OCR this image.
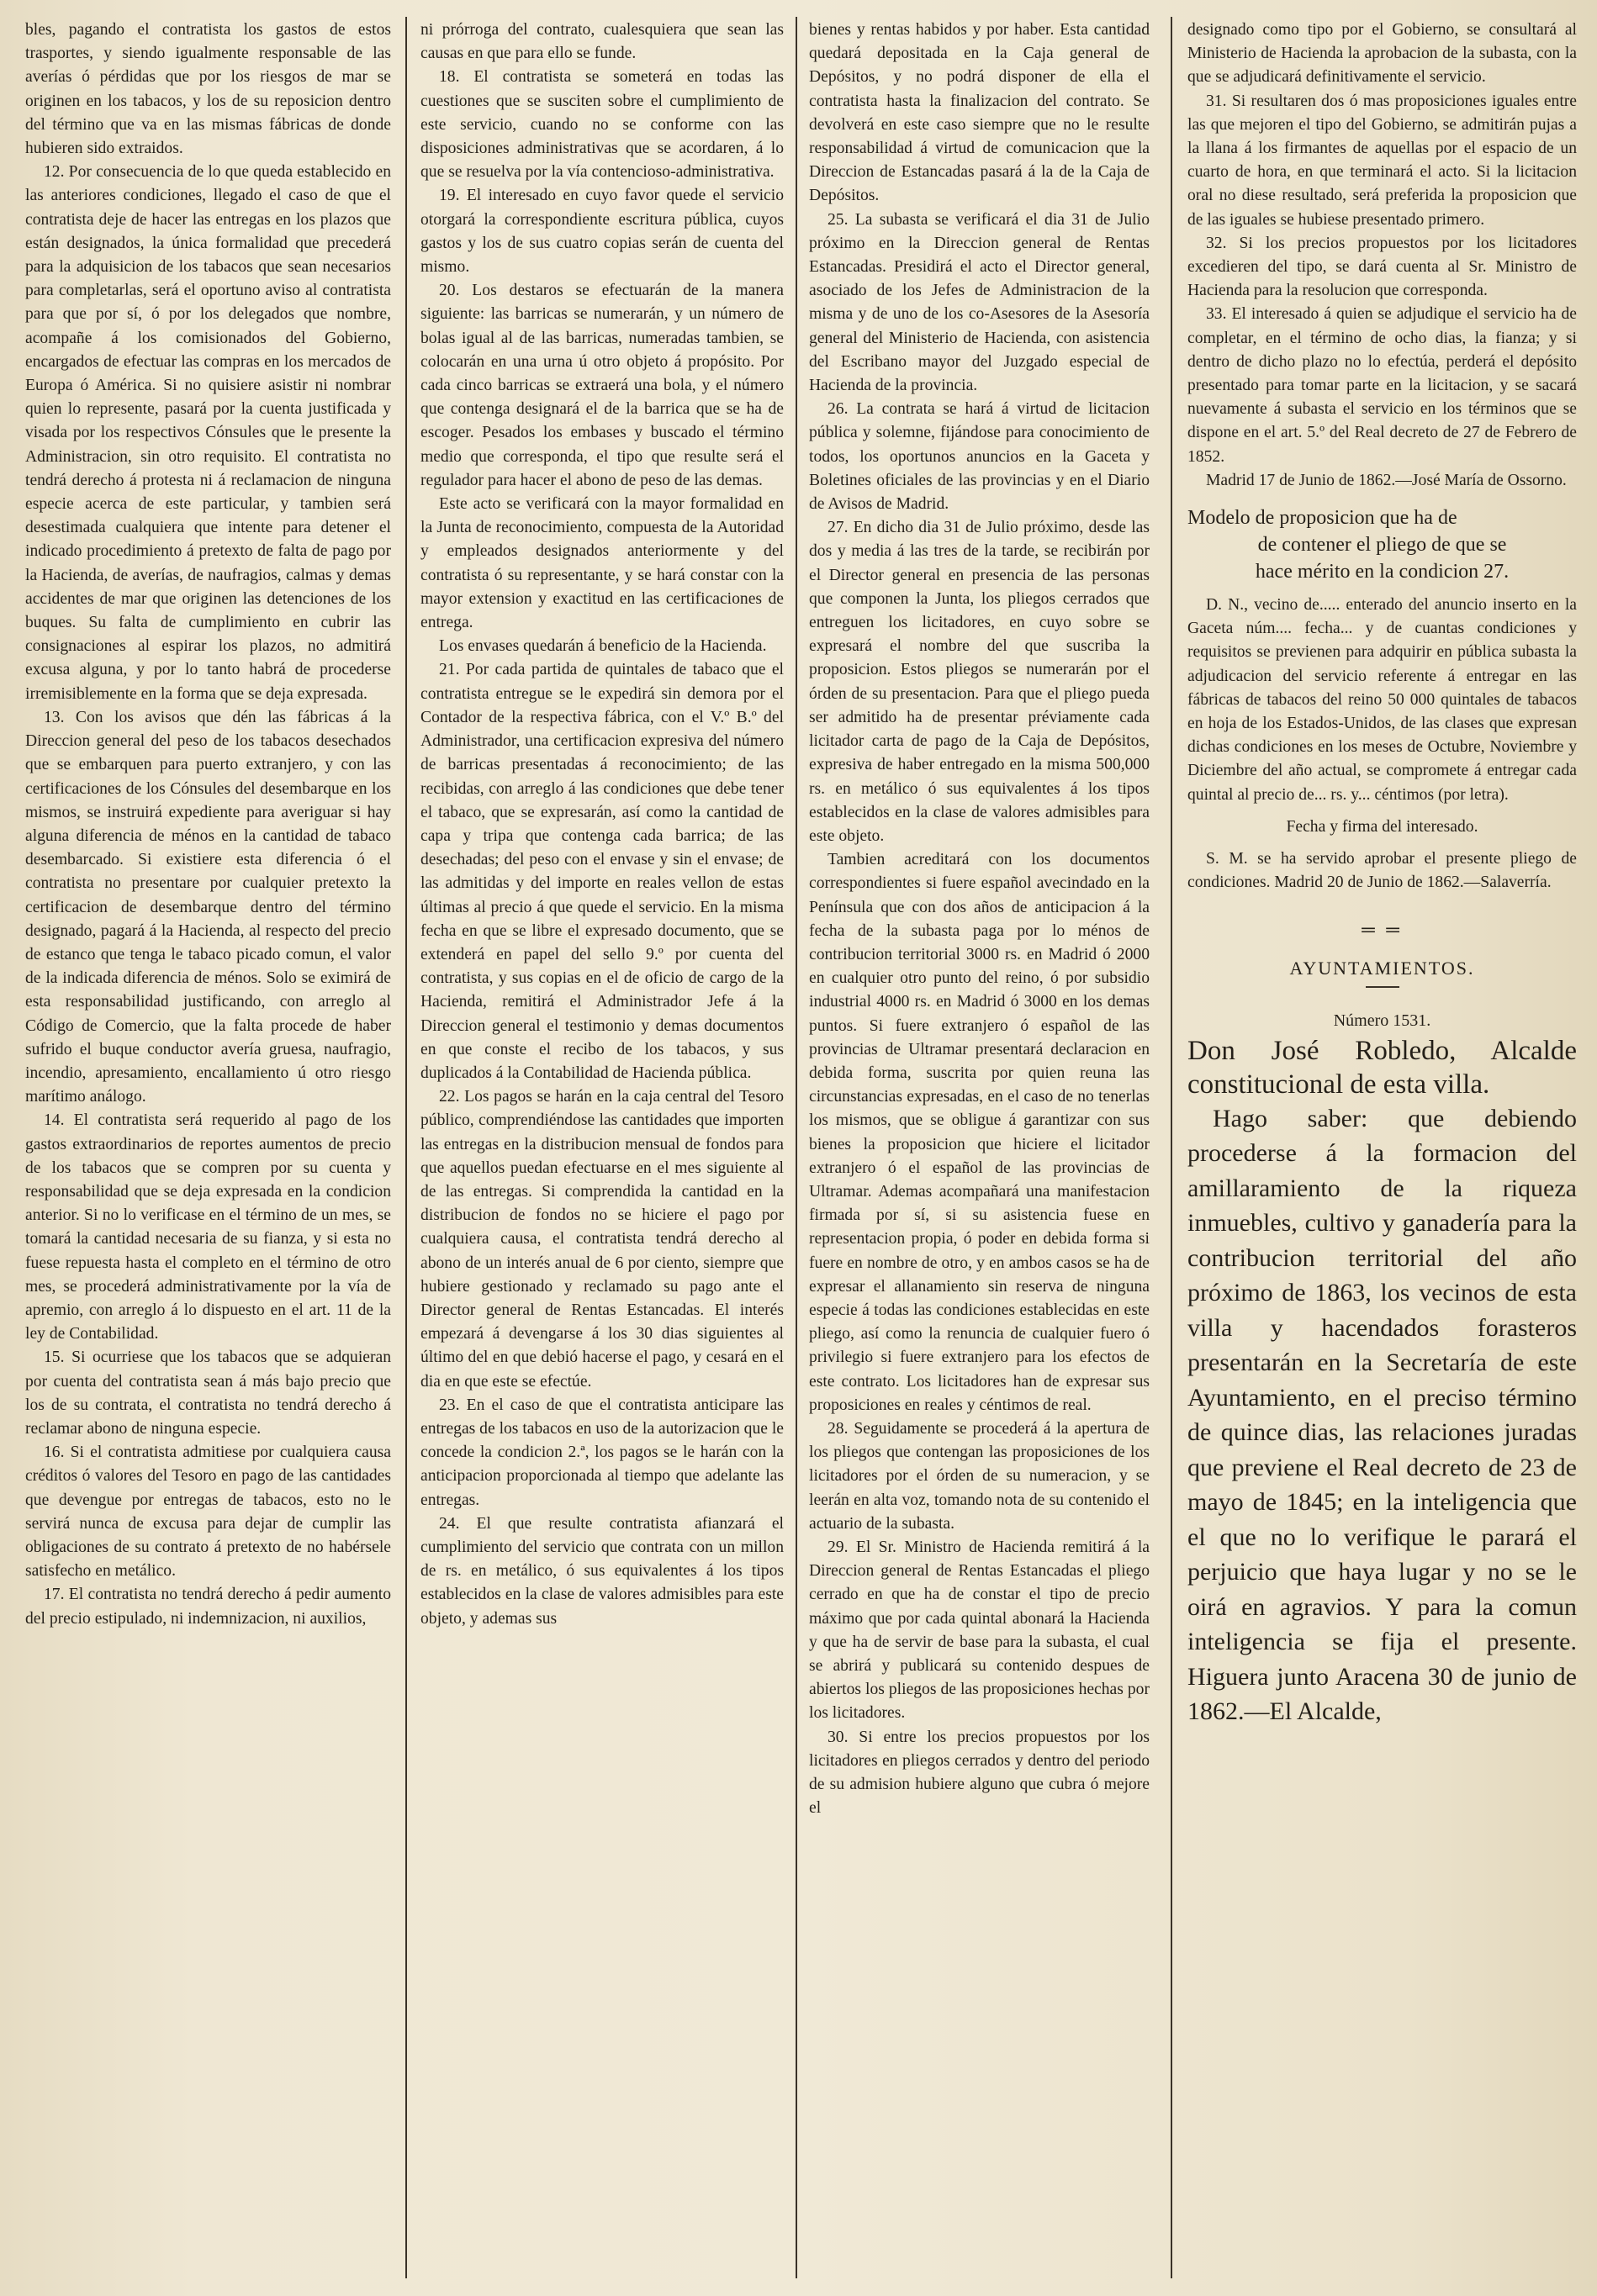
bles, pagando el contratista los gastos de estos trasportes, y siendo igualmente responsable de las averías ó pérdidas que por los riesgos de mar se originen en los tabacos, y los de su reposicion dentro del término que va en las mismas fábricas de donde hubieren sido extraidos.

12. Por consecuencia de lo que queda establecido en las anteriores condiciones, llegado el caso de que el contratista deje de hacer las entregas en los plazos que están designados, la única formalidad que precederá para la adquisicion de los tabacos que sean necesarios para completarlas, será el oportuno aviso al contratista para que por sí, ó por los delegados que nombre, acompañe á los comisionados del Gobierno, encargados de efectuar las compras en los mercados de Europa ó América. Si no quisiere asistir ni nombrar quien lo represente, pasará por la cuenta justificada y visada por los respectivos Cónsules que le presente la Administracion, sin otro requisito. El contratista no tendrá derecho á protesta ni á reclamacion de ninguna especie acerca de este particular, y tambien será desestimada cualquiera que intente para detener el indicado procedimiento á pretexto de falta de pago por la Hacienda, de averías, de naufragios, calmas y demas accidentes de mar que originen las detenciones de los buques. Su falta de cumplimiento en cubrir las consignaciones al espirar los plazos, no admitirá excusa alguna, y por lo tanto habrá de procederse irremisiblemente en la forma que se deja expresada.

13. Con los avisos que dén las fábricas á la Direccion general del peso de los tabacos desechados que se embarquen para puerto extranjero, y con las certificaciones de los Cónsules del desembarque en los mismos, se instruirá expediente para averiguar si hay alguna diferencia de ménos en la cantidad de tabaco desembarcado. Si existiere esta diferencia ó el contratista no presentare por cualquier pretexto la certificacion de desembarque dentro del término designado, pagará á la Hacienda, al respecto del precio de estanco que tenga le tabaco picado comun, el valor de la indicada diferencia de ménos. Solo se eximirá de esta responsabilidad justificando, con arreglo al Código de Comercio, que la falta procede de haber sufrido el buque conductor avería gruesa, naufragio, incendio, apresamiento, encallamiento ú otro riesgo marítimo análogo.

14. El contratista será requerido al pago de los gastos extraordinarios de reportes aumentos de precio de los tabacos que se compren por su cuenta y responsabilidad que se deja expresada en la condicion anterior. Si no lo verificase en el término de un mes, se tomará la cantidad necesaria de su fianza, y si esta no fuese repuesta hasta el completo en el término de otro mes, se procederá administrativamente por la vía de apremio, con arreglo á lo dispuesto en el art. 11 de la ley de Contabilidad.

15. Si ocurriese que los tabacos que se adquieran por cuenta del contratista sean á más bajo precio que los de su contrata, el contratista no tendrá derecho á reclamar abono de ninguna especie.

16. Si el contratista admitiese por cualquiera causa créditos ó valores del Tesoro en pago de las cantidades que devengue por entregas de tabacos, esto no le servirá nunca de excusa para dejar de cumplir las obligaciones de su contrato á pretexto de no habérsele satisfecho en metálico.

17. El contratista no tendrá derecho á pedir aumento del precio estipulado, ni indemnizacion, ni auxilios,

ni prórroga del contrato, cualesquiera que sean las causas en que para ello se funde.

18. El contratista se someterá en todas las cuestiones que se susciten sobre el cumplimiento de este servicio, cuando no se conforme con las disposiciones administrativas que se acordaren, á lo que se resuelva por la vía contencioso-administrativa.

19. El interesado en cuyo favor quede el servicio otorgará la correspondiente escritura pública, cuyos gastos y los de sus cuatro copias serán de cuenta del mismo.

20. Los destaros se efectuarán de la manera siguiente: las barricas se numerarán, y un número de bolas igual al de las barricas, numeradas tambien, se colocarán en una urna ú otro objeto á propósito. Por cada cinco barricas se extraerá una bola, y el número que contenga designará el de la barrica que se ha de escoger. Pesados los embases y buscado el término medio que corresponda, el tipo que resulte será el regulador para hacer el abono de peso de las demas.

Este acto se verificará con la mayor formalidad en la Junta de reconocimiento, compuesta de la Autoridad y empleados designados anteriormente y del contratista ó su representante, y se hará constar con la mayor extension y exactitud en las certificaciones de entrega.

Los envases quedarán á beneficio de la Hacienda.

21. Por cada partida de quintales de tabaco que el contratista entregue se le expedirá sin demora por el Contador de la respectiva fábrica, con el V.º B.º del Administrador, una certificacion expresiva del número de barricas presentadas á reconocimiento; de las recibidas, con arreglo á las condiciones que debe tener el tabaco, que se expresarán, así como la cantidad de capa y tripa que contenga cada barrica; de las desechadas; del peso con el envase y sin el envase; de las admitidas y del importe en reales vellon de estas últimas al precio á que quede el servicio. En la misma fecha en que se libre el expresado documento, que se extenderá en papel del sello 9.º por cuenta del contratista, y sus copias en el de oficio de cargo de la Hacienda, remitirá el Administrador Jefe á la Direccion general el testimonio y demas documentos en que conste el recibo de los tabacos, y sus duplicados á la Contabilidad de Hacienda pública.

22. Los pagos se harán en la caja central del Tesoro público, comprendiéndose las cantidades que importen las entregas en la distribucion mensual de fondos para que aquellos puedan efectuarse en el mes siguiente al de las entregas. Si comprendida la cantidad en la distribucion de fondos no se hiciere el pago por cualquiera causa, el contratista tendrá derecho al abono de un interés anual de 6 por ciento, siempre que hubiere gestionado y reclamado su pago ante el Director general de Rentas Estancadas. El interés empezará á devengarse á los 30 dias siguientes al último del en que debió hacerse el pago, y cesará en el dia en que este se efectúe.

23. En el caso de que el contratista anticipare las entregas de los tabacos en uso de la autorizacion que le concede la condicion 2.ª, los pagos se le harán con la anticipacion proporcionada al tiempo que adelante las entregas.

24. El que resulte contratista afianzará el cumplimiento del servicio que contrata con un millon de rs. en metálico, ó sus equivalentes á los tipos establecidos en la clase de valores admisibles para este objeto, y ademas sus

bienes y rentas habidos y por haber. Esta cantidad quedará depositada en la Caja general de Depósitos, y no podrá disponer de ella el contratista hasta la finalizacion del contrato. Se devolverá en este caso siempre que no le resulte responsabilidad á virtud de comunicacion que la Direccion de Estancadas pasará á la de la Caja de Depósitos.

25. La subasta se verificará el dia 31 de Julio próximo en la Direccion general de Rentas Estancadas. Presidirá el acto el Director general, asociado de los Jefes de Administracion de la misma y de uno de los co-Asesores de la Asesoría general del Ministerio de Hacienda, con asistencia del Escribano mayor del Juzgado especial de Hacienda de la provincia.

26. La contrata se hará á virtud de licitacion pública y solemne, fijándose para conocimiento de todos, los oportunos anuncios en la Gaceta y Boletines oficiales de las provincias y en el Diario de Avisos de Madrid.

27. En dicho dia 31 de Julio próximo, desde las dos y media á las tres de la tarde, se recibirán por el Director general en presencia de las personas que componen la Junta, los pliegos cerrados que entreguen los licitadores, en cuyo sobre se expresará el nombre del que suscriba la proposicion. Estos pliegos se numerarán por el órden de su presentacion. Para que el pliego pueda ser admitido ha de presentar préviamente cada licitador carta de pago de la Caja de Depósitos, expresiva de haber entregado en la misma 500,000 rs. en metálico ó sus equivalentes á los tipos establecidos en la clase de valores admisibles para este objeto.

Tambien acreditará con los documentos correspondientes si fuere español avecindado en la Península que con dos años de anticipacion á la fecha de la subasta paga por lo ménos de contribucion territorial 3000 rs. en Madrid ó 2000 en cualquier otro punto del reino, ó por subsidio industrial 4000 rs. en Madrid ó 3000 en los demas puntos. Si fuere extranjero ó español de las provincias de Ultramar presentará declaracion en debida forma, suscrita por quien reuna las circunstancias expresadas, en el caso de no tenerlas los mismos, que se obligue á garantizar con sus bienes la proposicion que hiciere el licitador extranjero ó el español de las provincias de Ultramar. Ademas acompañará una manifestacion firmada por sí, si su asistencia fuese en representacion propia, ó poder en debida forma si fuere en nombre de otro, y en ambos casos se ha de expresar el allanamiento sin reserva de ninguna especie á todas las condiciones establecidas en este pliego, así como la renuncia de cualquier fuero ó privilegio si fuere extranjero para los efectos de este contrato. Los licitadores han de expresar sus proposiciones en reales y céntimos de real.

28. Seguidamente se procederá á la apertura de los pliegos que contengan las proposiciones de los licitadores por el órden de su numeracion, y se leerán en alta voz, tomando nota de su contenido el actuario de la subasta.

29. El Sr. Ministro de Hacienda remitirá á la Direccion general de Rentas Estancadas el pliego cerrado en que ha de constar el tipo de precio máximo que por cada quintal abonará la Hacienda y que ha de servir de base para la subasta, el cual se abrirá y publicará su contenido despues de abiertos los pliegos de las proposiciones hechas por los licitadores.

30. Si entre los precios propuestos por los licitadores en pliegos cerrados y dentro del periodo de su admision hubiere alguno que cubra ó mejore el

designado como tipo por el Gobierno, se consultará al Ministerio de Hacienda la aprobacion de la subasta, con la que se adjudicará definitivamente el servicio.

31. Si resultaren dos ó mas proposiciones iguales entre las que mejoren el tipo del Gobierno, se admitirán pujas a la llana á los firmantes de aquellas por el espacio de un cuarto de hora, en que terminará el acto. Si la licitacion oral no diese resultado, será preferida la proposicion que de las iguales se hubiese presentado primero.

32. Si los precios propuestos por los licitadores excedieren del tipo, se dará cuenta al Sr. Ministro de Hacienda para la resolucion que corresponda.

33. El interesado á quien se adjudique el servicio ha de completar, en el término de ocho dias, la fianza; y si dentro de dicho plazo no lo efectúa, perderá el depósito presentado para tomar parte en la licitacion, y se sacará nuevamente á subasta el servicio en los términos que se dispone en el art. 5.º del Real decreto de 27 de Febrero de 1852.

Madrid 17 de Junio de 1862.—José María de Ossorno.

Modelo de proposicion que ha de
de contener el pliego de que se
hace mérito en la condicion 27.

D. N., vecino de..... enterado del anuncio inserto en la Gaceta núm.... fecha... y de cuantas condiciones y requisitos se previenen para adquirir en pública subasta la adjudicacion del servicio referente á entregar en las fábricas de tabacos del reino 50 000 quintales de tabacos en hoja de los Estados-Unidos, de las clases que expresan dichas condiciones en los meses de Octubre, Noviembre y Diciembre del año actual, se compromete á entregar cada quintal al precio de... rs. y... céntimos (por letra).

Fecha y firma del interesado.

S. M. se ha servido aprobar el presente pliego de condiciones. Madrid 20 de Junio de 1862.—Salaverría.

═ ═
AYUNTAMIENTOS.
Número 1531.

Don José Robledo, Alcalde constitucional de esta villa.

Hago saber: que debiendo procederse á la formacion del amillaramiento de la riqueza inmuebles, cultivo y ganadería para la contribucion territorial del año próximo de 1863, los vecinos de esta villa y hacendados forasteros presentarán en la Secretaría de este Ayuntamiento, en el preciso término de quince dias, las relaciones juradas que previene el Real decreto de 23 de mayo de 1845; en la inteligencia que el que no lo verifique le parará el perjuicio que haya lugar y no se le oirá en agravios. Y para la comun inteligencia se fija el presente. Higuera junto Aracena 30 de junio de 1862.—El Alcalde,
